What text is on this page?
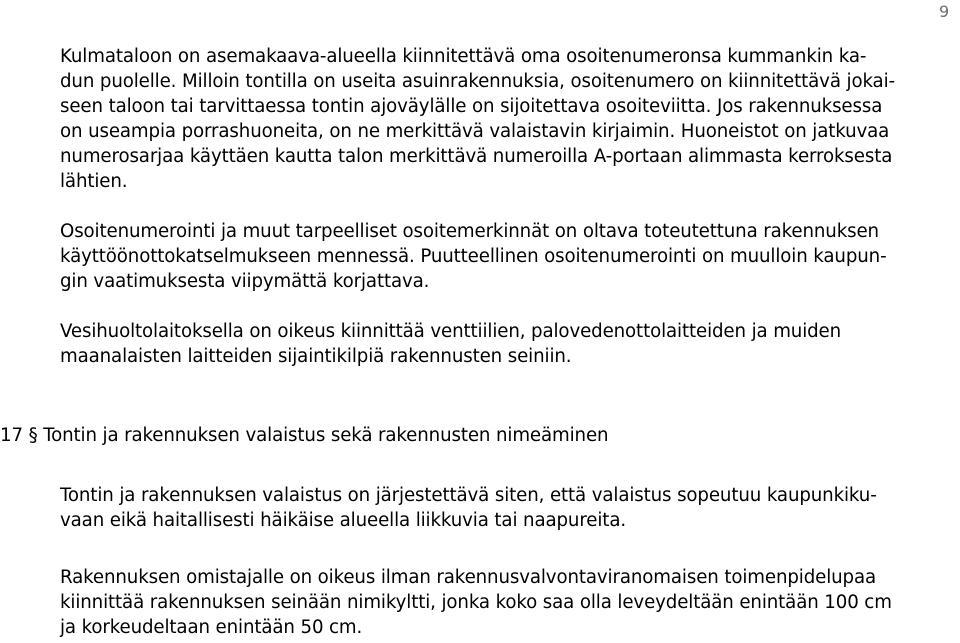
9
Kulmataloon on asemakaava-alueella kiinnitettävä oma osoitenumeronsa kummankin ka-
dun puolelle. Milloin tontilla on useita asuinrakennuksia, osoitenumero on kiinnitettävä jokai-
seen taloon tai tarvittaessa tontin ajoväylälle on sijoitettava osoiteviitta. Jos rakennuksessa
on useampia porrashuoneita, on ne merkittävä valaistavin kirjaimin. Huoneistot on jatkuvaa
numerosarjaa käyttäen kautta talon merkittävä numeroilla A-portaan alimmasta kerroksesta
lähtien.
Osoitenumerointi ja muut tarpeelliset osoitemerkinnät on oltava toteutettuna rakennuksen
käyttöönottokatselmukseen mennessä. Puutteellinen osoitenumerointi on muulloin kaupun-
gin vaatimuksesta viipymättä korjattava.
Vesihuoltolaitoksella on oikeus kiinnittää venttiilien, palovedenottolaitteiden ja muiden
maanalaisten laitteiden sijaintikilpiä rakennusten seiniin.
17 § Tontin ja rakennuksen valaistus sekä rakennusten nimeäminen
Tontin ja rakennuksen valaistus on järjestettävä siten, että valaistus sopeutuu kaupunkiku-
vaan eikä haitallisesti häikäise alueella liikkuvia tai naapureita.
Rakennuksen omistajalle on oikeus ilman rakennusvalvontaviranomaisen toimenpidelupaa
kiinnittää rakennuksen seinään nimikyltti, jonka koko saa olla leveydeltään enintään 100 cm
ja korkeudeltaan enintään 50 cm.
